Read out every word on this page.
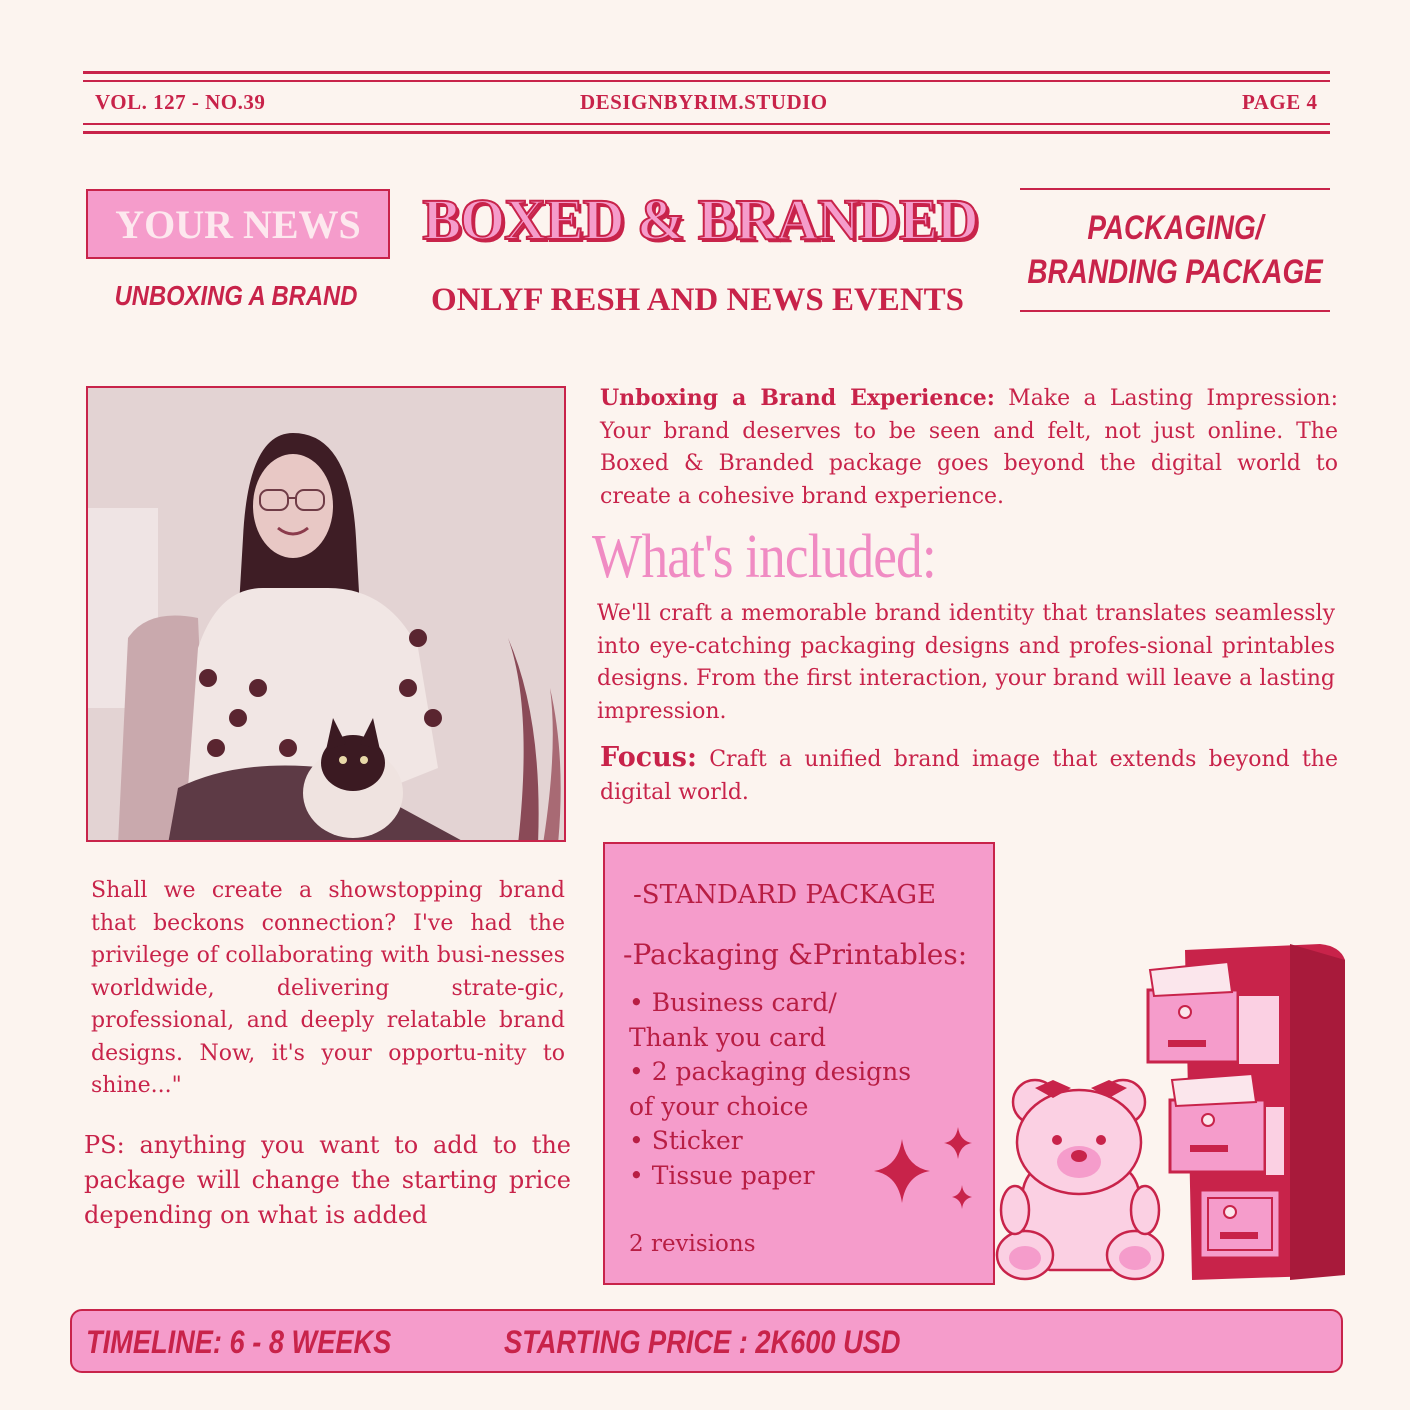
VOL. 127 - NO.39	DESIGNBYRIM.STUDIO	PAGE 4
YOUR NEWS	BOXED & BRANDED
UNBOXING A BRAND	ONLYF RESH AND NEWS EVENTS
PACKAGING/
BRANDING PACKAGE
Unboxing a Brand Experience: Make a Lasting Impression: Your brand deserves to be seen and felt, not just online. The Boxed & Branded package goes beyond the digital world to create a cohesive brand experience.
What's included:
We'll craft a memorable brand identity that translates seamlessly into eye-catching packaging designs and profes-sional printables designs. From the first interaction, your brand will leave a lasting impression.
Focus: Craft a unified brand image that extends beyond the digital world.
Shall we create a showstopping brand that beckons connection? I've had the privilege of collaborating with busi-nesses worldwide, delivering strate-gic, professional, and deeply relatable brand designs. Now, it's your opportu-nity to shine..."
PS: anything you want to add to the package will change the starting price depending on what is added
-STANDARD PACKAGE
-Packaging &Printables:
• Business card/
Thank you card
• 2 packaging designs
of your choice
• Sticker
• Tissue paper
2 revisions
TIMELINE: 6 - 8 WEEKS	STARTING PRICE : 2K600 USD
